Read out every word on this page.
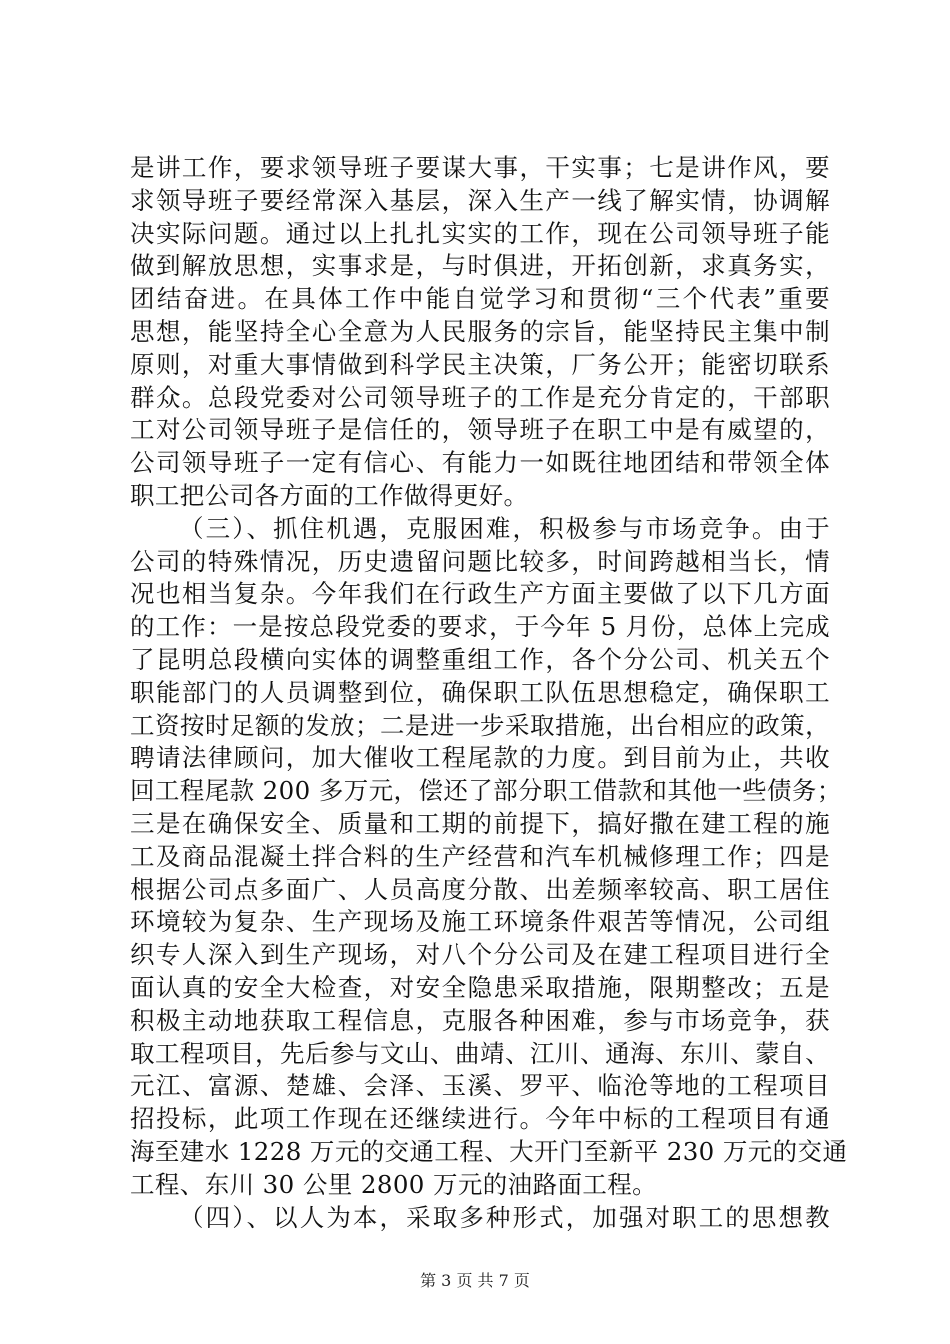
是讲工作，要求领导班子要谋大事，干实事；七是讲作风，要
求领导班子要经常深入基层，深入生产一线了解实情，协调解
决实际问题。通过以上扎扎实实的工作，现在公司领导班子能
做到解放思想，实事求是，与时俱进，开拓创新，求真务实，
团结奋进。在具体工作中能自觉学习和贯彻“三个代表”重要
思想，能坚持全心全意为人民服务的宗旨，能坚持民主集中制
原则，对重大事情做到科学民主决策，厂务公开；能密切联系
群众。总段党委对公司领导班子的工作是充分肯定的，干部职
工对公司领导班子是信任的，领导班子在职工中是有威望的，
公司领导班子一定有信心、有能力一如既往地团结和带领全体
职工把公司各方面的工作做得更好。
（三）、抓住机遇，克服困难，积极参与市场竞争。由于
公司的特殊情况，历史遗留问题比较多，时间跨越相当长，情
况也相当复杂。今年我们在行政生产方面主要做了以下几方面
的工作：一是按总段党委的要求，于今年 5 月份，总体上完成
了昆明总段横向实体的调整重组工作，各个分公司、机关五个
职能部门的人员调整到位，确保职工队伍思想稳定，确保职工
工资按时足额的发放；二是进一步采取措施，出台相应的政策，
聘请法律顾问，加大催收工程尾款的力度。到目前为止，共收
回工程尾款 200 多万元，偿还了部分职工借款和其他一些债务；
三是在确保安全、质量和工期的前提下，搞好撒在建工程的施
工及商品混凝土拌合料的生产经营和汽车机械修理工作；四是
根据公司点多面广、人员高度分散、出差频率较高、职工居住
环境较为复杂、生产现场及施工环境条件艰苦等情况，公司组
织专人深入到生产现场，对八个分公司及在建工程项目进行全
面认真的安全大检查，对安全隐患采取措施，限期整改；五是
积极主动地获取工程信息，克服各种困难，参与市场竞争，获
取工程项目，先后参与文山、曲靖、江川、通海、东川、蒙自、
元江、富源、楚雄、会泽、玉溪、罗平、临沧等地的工程项目
招投标，此项工作现在还继续进行。今年中标的工程项目有通
海至建水 1228 万元的交通工程、大开门至新平 230 万元的交通
工程、东川 30 公里 2800 万元的油路面工程。
（四）、以人为本，采取多种形式，加强对职工的思想教
第 3 页 共 7 页
